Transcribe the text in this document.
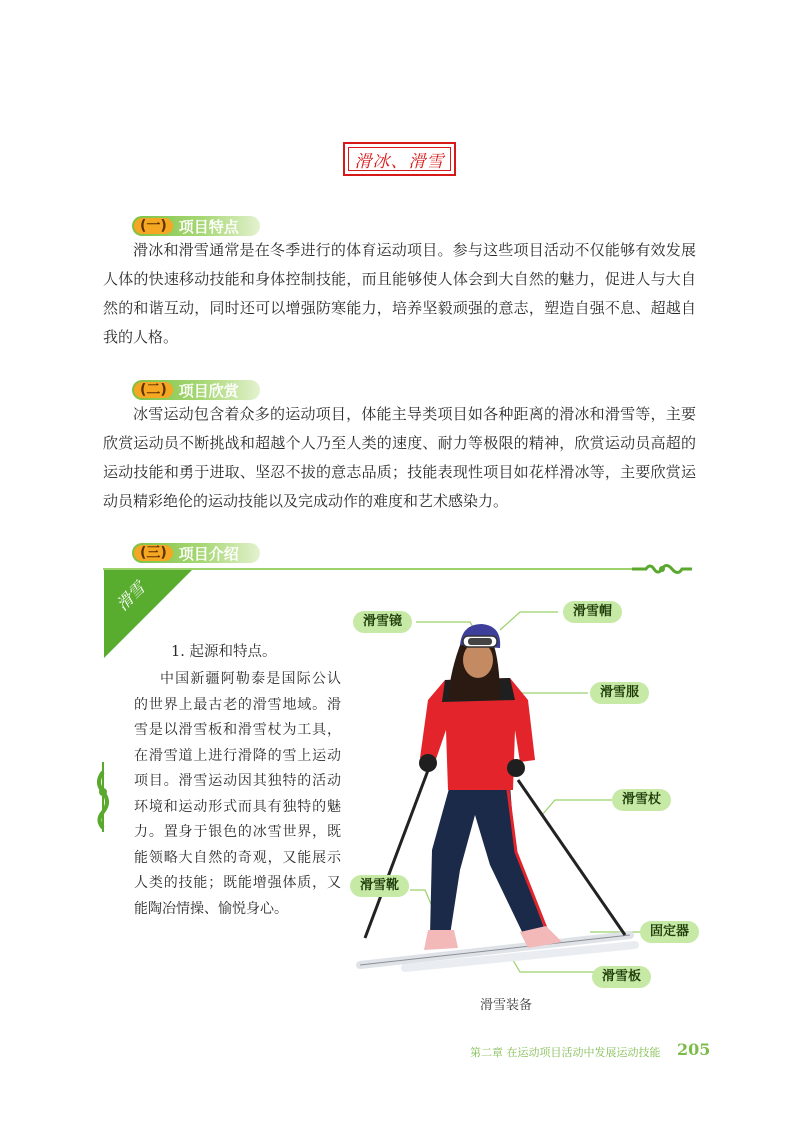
滑冰、滑雪
(一) 项目特点
滑冰和滑雪通常是在冬季进行的体育运动项目。参与这些项目活动不仅能够有效发展人体的快速移动技能和身体控制技能，而且能够使人体会到大自然的魅力，促进人与大自然的和谐互动，同时还可以增强防寒能力，培养坚毅顽强的意志，塑造自强不息、超越自我的人格。
(二) 项目欣赏
冰雪运动包含着众多的运动项目，体能主导类项目如各种距离的滑冰和滑雪等，主要欣赏运动员不断挑战和超越个人乃至人类的速度、耐力等极限的精神，欣赏运动员高超的运动技能和勇于进取、坚忍不拔的意志品质；技能表现性项目如花样滑冰等，主要欣赏运动员精彩绝伦的运动技能以及完成动作的难度和艺术感染力。
(三) 项目介绍
滑雪
1. 起源和特点。
中国新疆阿勒泰是国际公认的世界上最古老的滑雪地域。滑雪是以滑雪板和滑雪杖为工具，在滑雪道上进行滑降的雪上运动项目。滑雪运动因其独特的活动环境和运动形式而具有独特的魅力。置身于银色的冰雪世界，既能领略大自然的奇观，又能展示人类的技能；既能增强体质，又能陶冶情操、愉悦身心。
滑雪镜
滑雪帽
滑雪服
滑雪杖
滑雪靴
固定器
滑雪板
滑雪装备
第二章 在运动项目活动中发展运动技能 205
